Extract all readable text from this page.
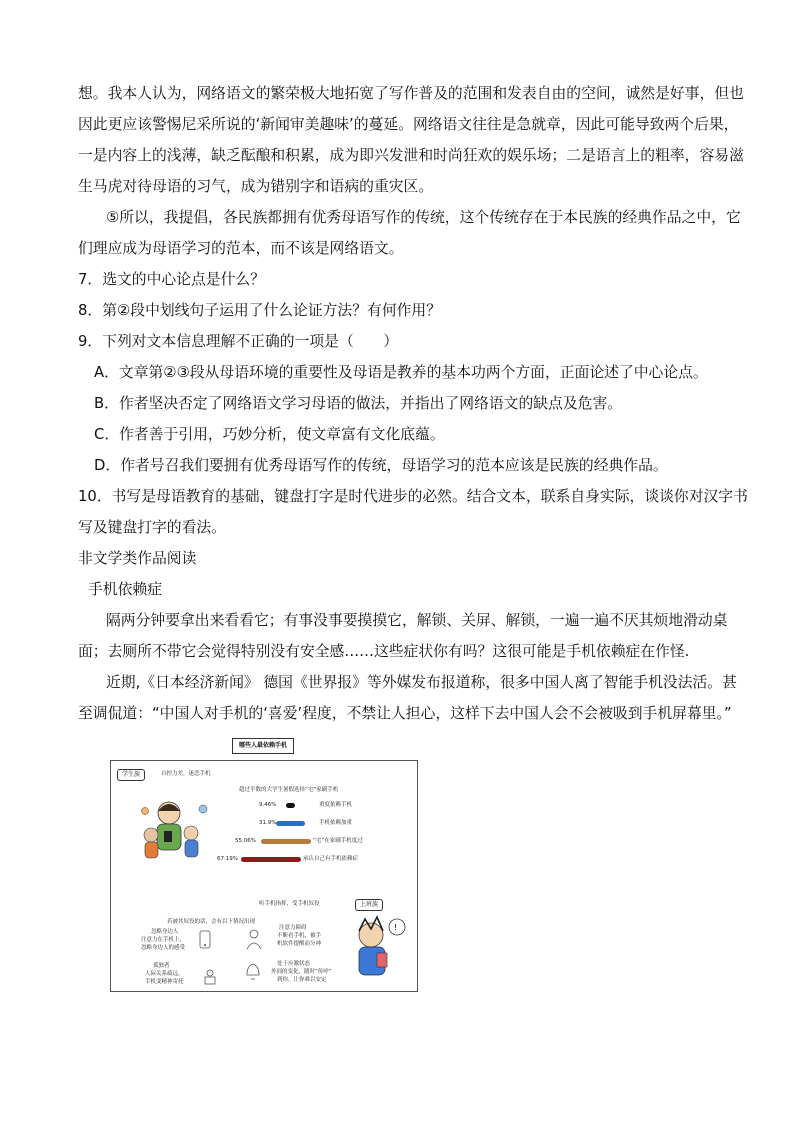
想。我本人认为，网络语文的繁荣极大地拓宽了写作普及的范围和发表自由的空间，诚然是好事，但也
因此更应该警惕尼采所说的‘新闻审美趣味’的蔓延。网络语文往往是急就章，因此可能导致两个后果，
一是内容上的浅薄，缺乏酝酿和积累，成为即兴发泄和时尚狂欢的娱乐场；二是语言上的粗率，容易滋
生马虎对待母语的习气，成为错别字和语病的重灾区。
⑤所以，我提倡，各民族都拥有优秀母语写作的传统，这个传统存在于本民族的经典作品之中，它
们理应成为母语学习的范本，而不该是网络语文。
7．选文的中心论点是什么？
8．第②段中划线句子运用了什么论证方法？有何作用？
9．下列对文本信息理解不正确的一项是（　　）
A．文章第②③段从母语环境的重要性及母语是教养的基本功两个方面，正面论述了中心论点。
B．作者坚决否定了网络语文学习母语的做法，并指出了网络语文的缺点及危害。
C．作者善于引用，巧妙分析，使文章富有文化底蕴。
D．作者号召我们要拥有优秀母语写作的传统，母语学习的范本应该是民族的经典作品。
10．书写是母语教育的基础，键盘打字是时代进步的必然。结合文本，联系自身实际，谈谈你对汉字书
写及键盘打字的看法。
非文学类作品阅读
手机依赖症
隔两分钟要拿出来看看它；有事没事要摸摸它，解锁、关屏、解锁，一遍一遍不厌其烦地滑动桌
面；去厕所不带它会觉得特别没有安全感……这些症状你有吗？这很可能是手机依赖症在作怪.
近期,《日本经济新闻》 德国《世界报》等外媒发布报道称，很多中国人离了智能手机没法活。甚
至调侃道：“中国人对手机的‘喜爱’程度，不禁让人担心，这样下去中国人会不会被吸到手机屏幕里。”
哪些人最依赖手机
学生族	自控力差，迷恋手机
超过半数的大学生暑假选择“宅”家刷手机
9.46%	重度依赖手机
31.9%	手机依赖加重
55.06%	“宅”在家刷手机度过
67.19%	承认自己有手机依赖症
听手机指挥，受手机奴役	上班族
!
若被其奴役的话，会有以下情况出现
忽略身边人
注意力在手机上，
忽略身边人的感受
注意力障碍
不断看手机，被手
机软件提醒而分神
孤独者
人际关系疏远，
手机变精神寄托
处于应激状态
外间的变化，随时“传呼”
到你，让你难以安定
